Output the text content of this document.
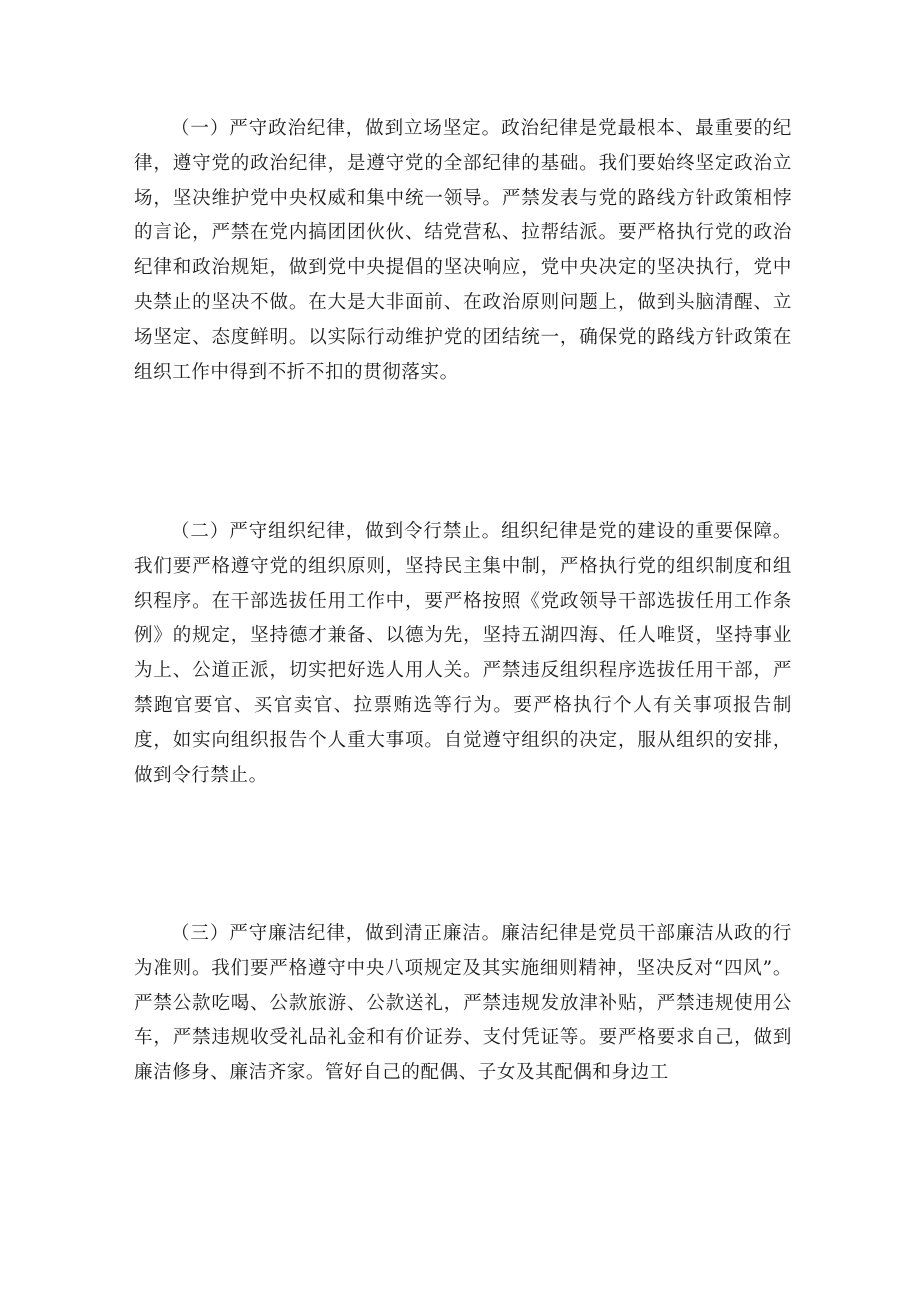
（一）严守政治纪律，做到立场坚定。政治纪律是党最根本、最重要的纪律，遵守党的政治纪律，是遵守党的全部纪律的基础。我们要始终坚定政治立场，坚决维护党中央权威和集中统一领导。严禁发表与党的路线方针政策相悖的言论，严禁在党内搞团团伙伙、结党营私、拉帮结派。要严格执行党的政治纪律和政治规矩，做到党中央提倡的坚决响应，党中央决定的坚决执行，党中央禁止的坚决不做。在大是大非面前、在政治原则问题上，做到头脑清醒、立场坚定、态度鲜明。以实际行动维护党的团结统一，确保党的路线方针政策在组织工作中得到不折不扣的贯彻落实。

（二）严守组织纪律，做到令行禁止。组织纪律是党的建设的重要保障。我们要严格遵守党的组织原则，坚持民主集中制，严格执行党的组织制度和组织程序。在干部选拔任用工作中，要严格按照《党政领导干部选拔任用工作条例》的规定，坚持德才兼备、以德为先，坚持五湖四海、任人唯贤，坚持事业为上、公道正派，切实把好选人用人关。严禁违反组织程序选拔任用干部，严禁跑官要官、买官卖官、拉票贿选等行为。要严格执行个人有关事项报告制度，如实向组织报告个人重大事项。自觉遵守组织的决定，服从组织的安排，做到令行禁止。

（三）严守廉洁纪律，做到清正廉洁。廉洁纪律是党员干部廉洁从政的行为准则。我们要严格遵守中央八项规定及其实施细则精神，坚决反对“四风”。严禁公款吃喝、公款旅游、公款送礼，严禁违规发放津补贴，严禁违规使用公车，严禁违规收受礼品礼金和有价证券、支付凭证等。要严格要求自己，做到廉洁修身、廉洁齐家。管好自己的配偶、子女及其配偶和身边工
